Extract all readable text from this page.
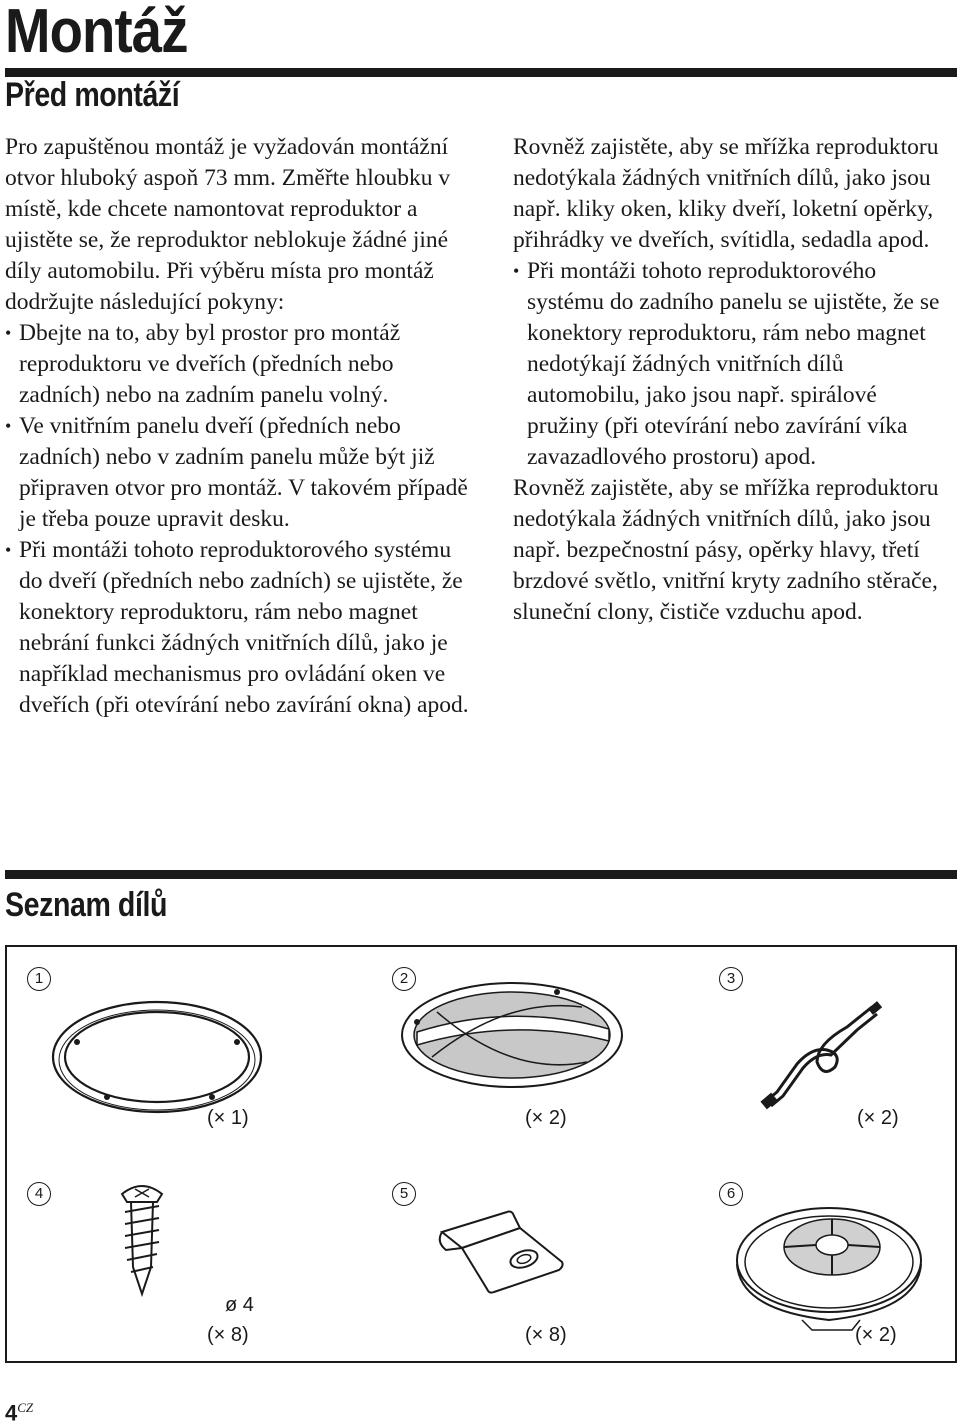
Montáž
Před montáží

Pro zapuštěnou montáž je vyžadován montážní otvor hluboký aspoň 73 mm. Změřte hloubku v místě, kde chcete namontovat reproduktor a ujistěte se, že reproduktor neblokuje žádné jiné díly automobilu. Při výběru místa pro montáž dodržujte následující pokyny:

• Dbejte na to, aby byl prostor pro montáž reproduktoru ve dveřích (předních nebo zadních) nebo na zadním panelu volný.
• Ve vnitřním panelu dveří (předních nebo zadních) nebo v zadním panelu může být již připraven otvor pro montáž. V takovém případě je třeba pouze upravit desku.
• Při montáži tohoto reproduktorového systému do dveří (předních nebo zadních) se ujistěte, že konektory reproduktoru, rám nebo magnet nebrání funkci žádných vnitřních dílů, jako je například mechanismus pro ovládání oken ve dveřích (při otevírání nebo zavírání okna) apod.

Rovněž zajistěte, aby se mřížka reproduktoru nedotýkala žádných vnitřních dílů, jako jsou např. kliky oken, kliky dveří, loketní opěrky, přihrádky ve dveřích, svítidla, sedadla apod.

• Při montáži tohoto reproduktorového systému do zadního panelu se ujistěte, že se konektory reproduktoru, rám nebo magnet nedotýkají žádných vnitřních dílů automobilu, jako jsou např. spirálové pružiny (při otevírání nebo zavírání víka zavazadlového prostoru) apod.

Rovněž zajistěte, aby se mřížka reproduktoru nedotýkala žádných vnitřních dílů, jako jsou např. bezpečnostní pásy, opěrky hlavy, třetí brzdové světlo, vnitřní kryty zadního stěrače, sluneční clony, čističe vzduchu apod.

Seznam dílů
1	2	3
(× 1)	(× 2)	(× 2)
4	5	6
ø 4
(× 8)	(× 8)	(× 2)
$4^{CZ}$
